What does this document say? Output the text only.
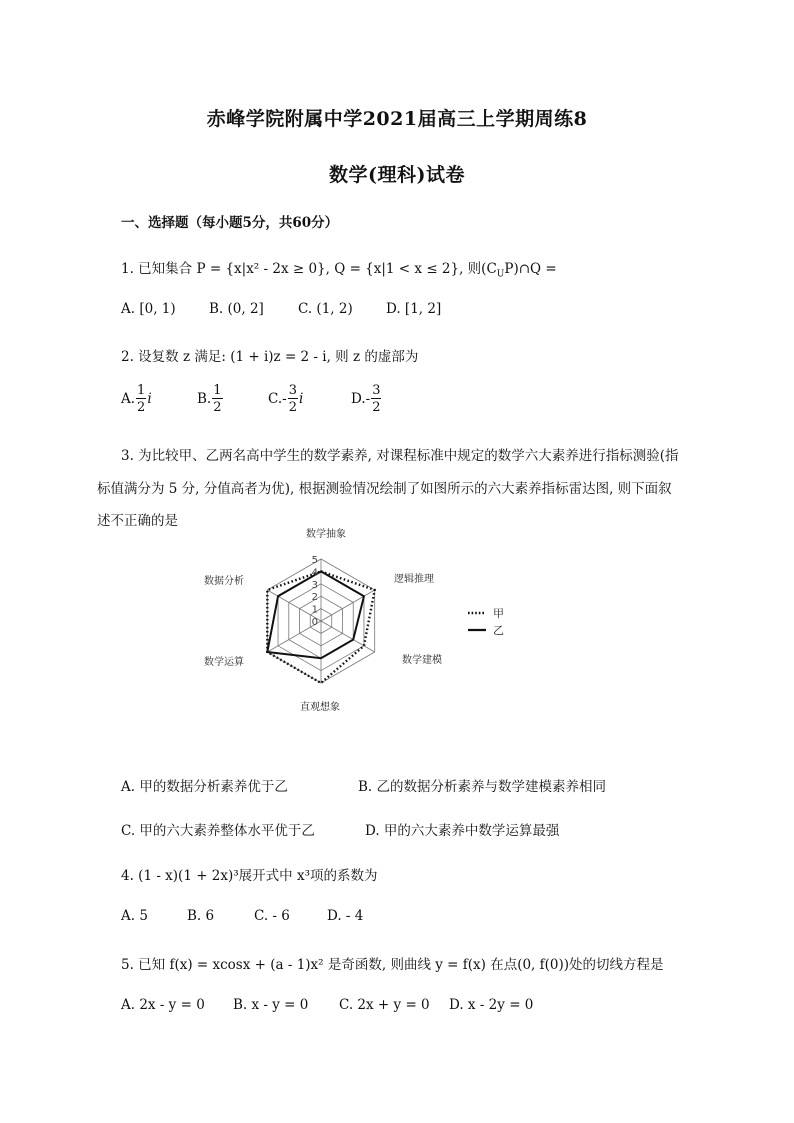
赤峰学院附属中学2021届高三上学期周练8
数学(理科)试卷
一、选择题（每小题5分，共60分）
1. 已知集合 P = {x|x² - 2x ≥ 0}, Q = {x|1 < x ≤ 2}, 则$(C_UP)\cap Q$ =
A. [0, 1) B. (0, 2]	C. (1, 2) D. [1, 2]
2. 设复数 z 满足: (1 + i)z = 2 - i, 则 z 的虚部为
A. $\frac{1}{2}$ i	B. $\frac{1}{2}$	C. - $\frac{3}{2}$ i	D. - $\frac{3}{2}$
3. 为比较甲、乙两名高中学生的数学素养, 对课程标准中规定的数学六大素养进行指标测验(指
标值满分为 5 分, 分值高者为优), 根据测验情况绘制了如图所示的六大素养指标雷达图, 则下面叙
述不正确的是
数学抽象
逻辑推理
数学建模
直观想象
数学运算
数据分析
0
1
2
3
4
5
甲
乙
A. 甲的数据分析素养优于乙	B. 乙的数据分析素养与数学建模素养相同
C. 甲的六大素养整体水平优于乙	D. 甲的六大素养中数学运算最强
4. (1 - x)(1 + 2x)³展开式中 x³项的系数为
A. 5	B. 6	C. - 6	D. - 4
5. 已知 f(x) = xcosx + (a - 1)x² 是奇函数, 则曲线 y = f(x) 在点(0, f(0))处的切线方程是
A. 2x - y = 0 B. x - y = 0 C. 2x + y = 0 D. x - 2y = 0
